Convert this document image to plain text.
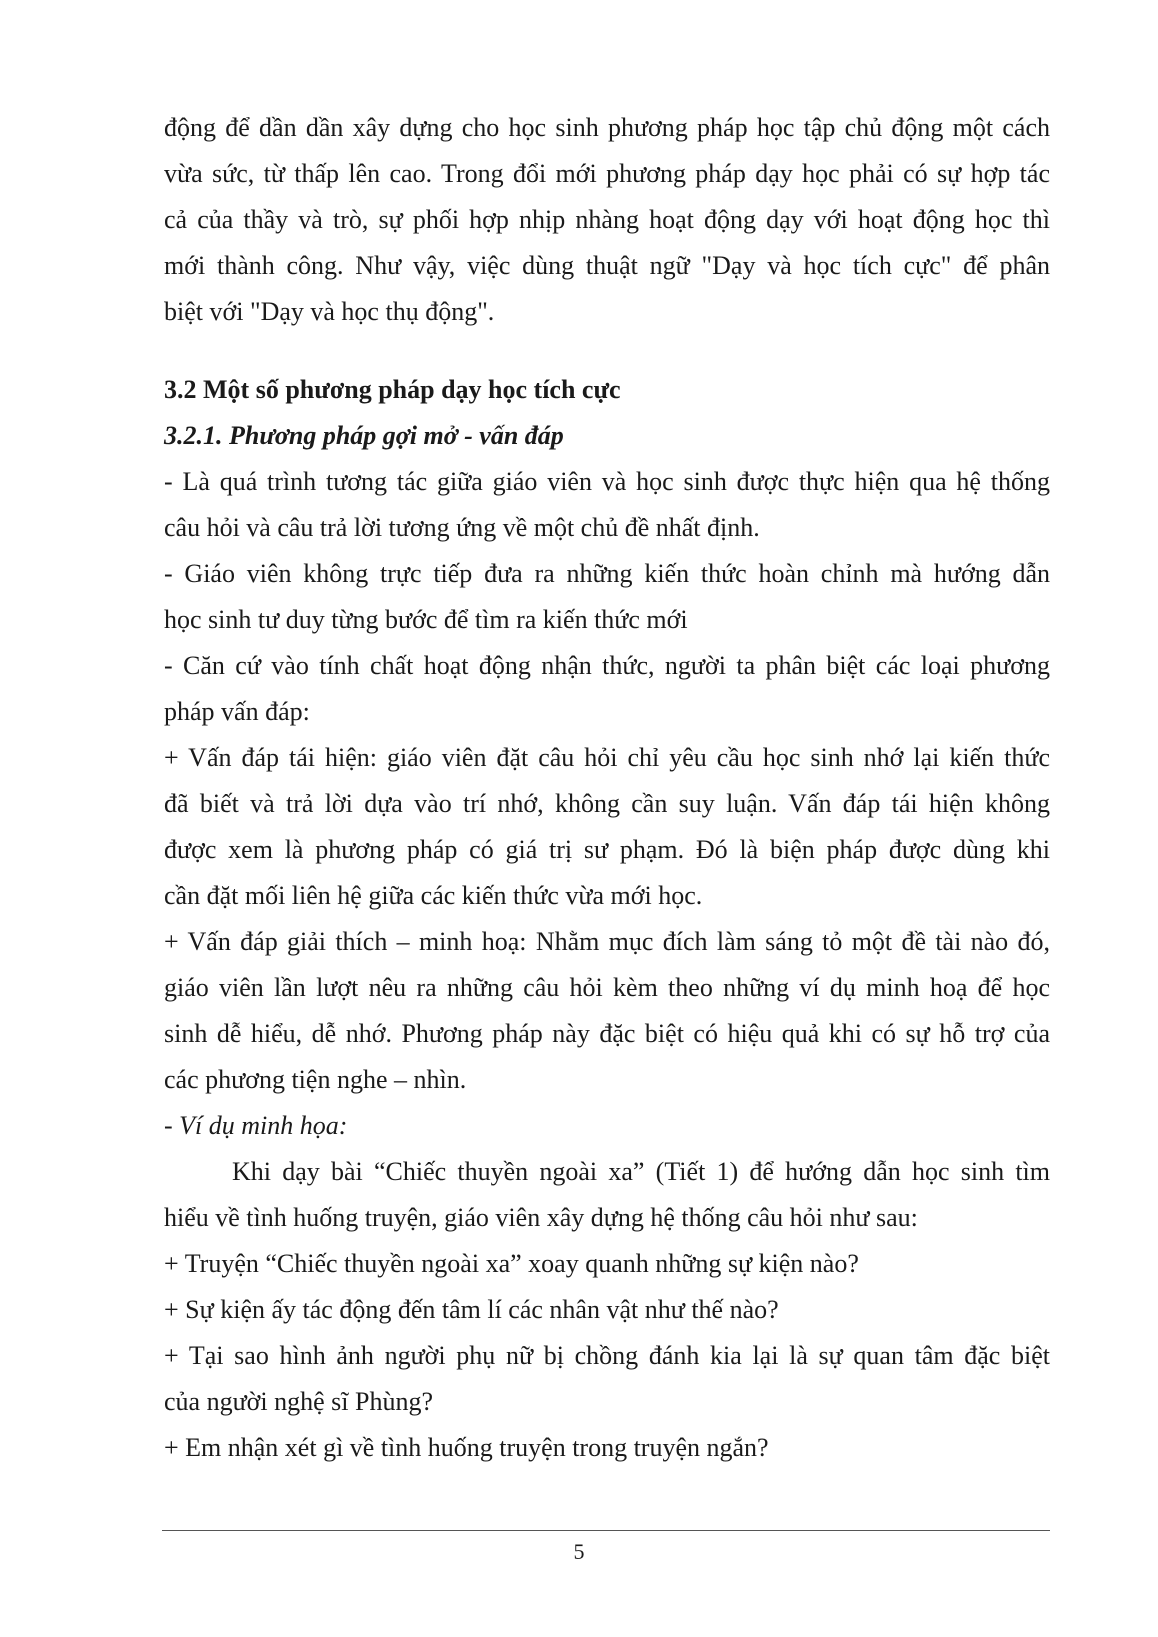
động để dần dần xây dựng cho học sinh phương pháp học tập chủ động một cách
vừa sức, từ thấp lên cao. Trong đổi mới phương pháp dạy học phải có sự hợp tác
cả của thầy và trò, sự phối hợp nhịp nhàng hoạt động dạy với hoạt động học thì
mới thành công. Như vậy, việc dùng thuật ngữ "Dạy và học tích cực" để phân
biệt với "Dạy và học thụ động".
3.2 Một số phương pháp dạy học tích cực
3.2.1. Phương pháp gợi mở - vấn đáp
- Là quá trình tương tác giữa giáo viên và học sinh được thực hiện qua hệ thống
câu hỏi và câu trả lời tương ứng về một chủ đề nhất định.
- Giáo viên không trực tiếp đưa ra những kiến thức hoàn chỉnh mà hướng dẫn
học sinh tư duy từng bước để tìm ra kiến thức mới
- Căn cứ vào tính chất hoạt động nhận thức, người ta phân biệt các loại phương
pháp vấn đáp:
+ Vấn đáp tái hiện: giáo viên đặt câu hỏi chỉ yêu cầu học sinh nhớ lại kiến thức
đã biết và trả lời dựa vào trí nhớ, không cần suy luận. Vấn đáp tái hiện không
được xem là phương pháp có giá trị sư phạm. Đó là biện pháp được dùng khi
cần đặt mối liên hệ giữa các kiến thức vừa mới học.
+ Vấn đáp giải thích – minh hoạ: Nhằm mục đích làm sáng tỏ một đề tài nào đó,
giáo viên lần lượt nêu ra những câu hỏi kèm theo những ví dụ minh hoạ để học
sinh dễ hiểu, dễ nhớ. Phương pháp này đặc biệt có hiệu quả khi có sự hỗ trợ của
các phương tiện nghe – nhìn.
- Ví dụ minh họa:
Khi dạy bài “Chiếc thuyền ngoài xa” (Tiết 1) để hướng dẫn học sinh tìm
hiểu về tình huống truyện, giáo viên xây dựng hệ thống câu hỏi như sau:
+ Truyện “Chiếc thuyền ngoài xa” xoay quanh những sự kiện nào?
+ Sự kiện ấy tác động đến tâm lí các nhân vật như thế nào?
+ Tại sao hình ảnh người phụ nữ bị chồng đánh kia lại là sự quan tâm đặc biệt
của người nghệ sĩ Phùng?
+ Em nhận xét gì về tình huống truyện trong truyện ngắn?
5
